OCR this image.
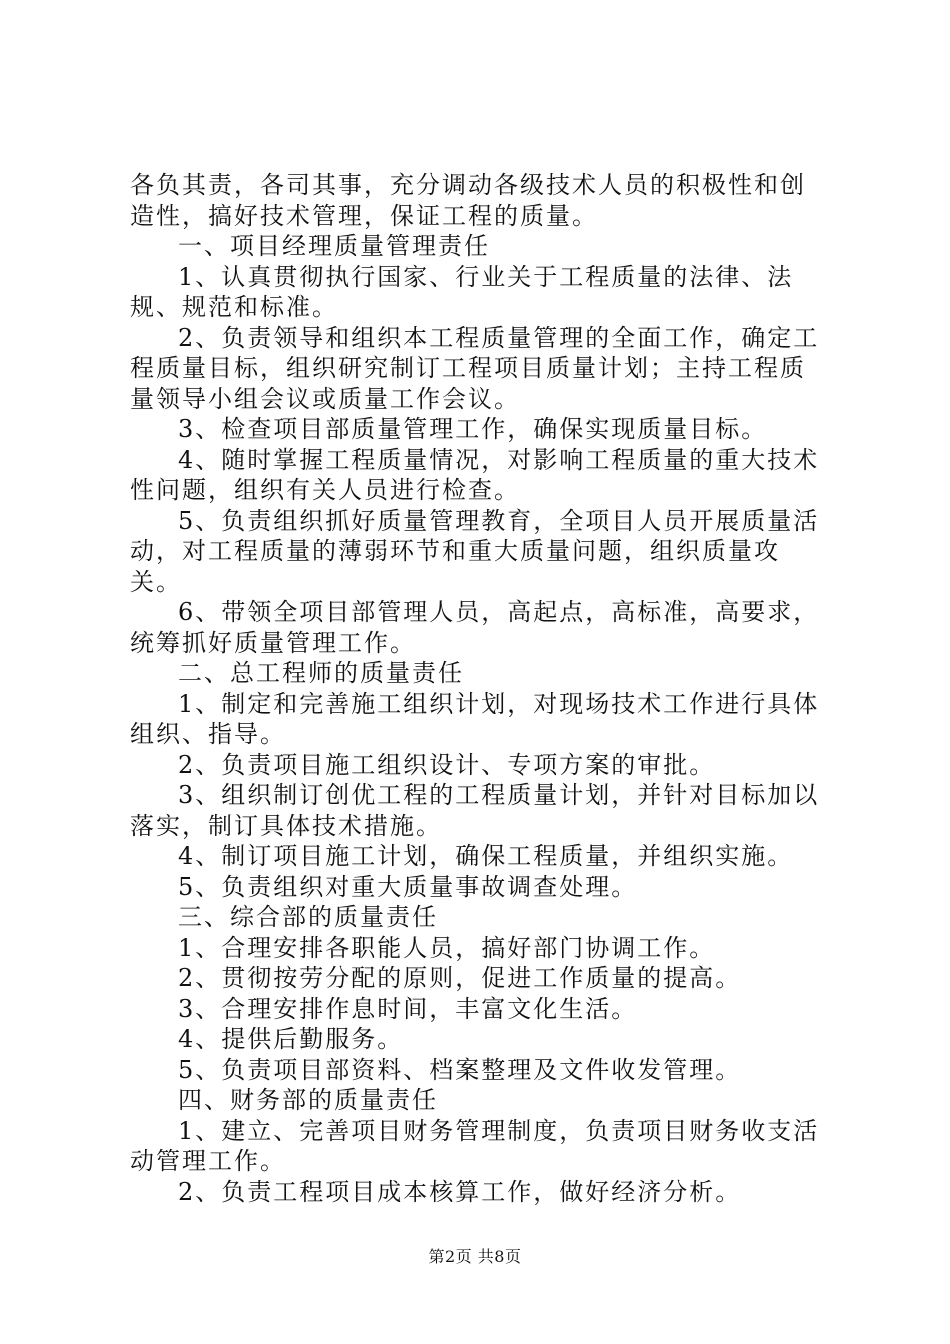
各负其责，各司其事，充分调动各级技术人员的积极性和创造性，搞好技术管理，保证工程的质量。

一、项目经理质量管理责任

1、认真贯彻执行国家、行业关于工程质量的法律、法规、规范和标准。

2、负责领导和组织本工程质量管理的全面工作，确定工程质量目标，组织研究制订工程项目质量计划；主持工程质量领导小组会议或质量工作会议。

3、检查项目部质量管理工作，确保实现质量目标。

4、随时掌握工程质量情况，对影响工程质量的重大技术性问题，组织有关人员进行检查。

5、负责组织抓好质量管理教育，全项目人员开展质量活动，对工程质量的薄弱环节和重大质量问题，组织质量攻关。

6、带领全项目部管理人员，高起点，高标准，高要求，统筹抓好质量管理工作。

二、总工程师的质量责任

1、制定和完善施工组织计划，对现场技术工作进行具体组织、指导。

2、负责项目施工组织设计、专项方案的审批。

3、组织制订创优工程的工程质量计划，并针对目标加以落实，制订具体技术措施。

4、制订项目施工计划，确保工程质量，并组织实施。

5、负责组织对重大质量事故调查处理。

三、综合部的质量责任

1、合理安排各职能人员，搞好部门协调工作。

2、贯彻按劳分配的原则，促进工作质量的提高。

3、合理安排作息时间，丰富文化生活。

4、提供后勤服务。

5、负责项目部资料、档案整理及文件收发管理。

四、财务部的质量责任

1、建立、完善项目财务管理制度，负责项目财务收支活动管理工作。

2、负责工程项目成本核算工作，做好经济分析。

第2页 共8页
